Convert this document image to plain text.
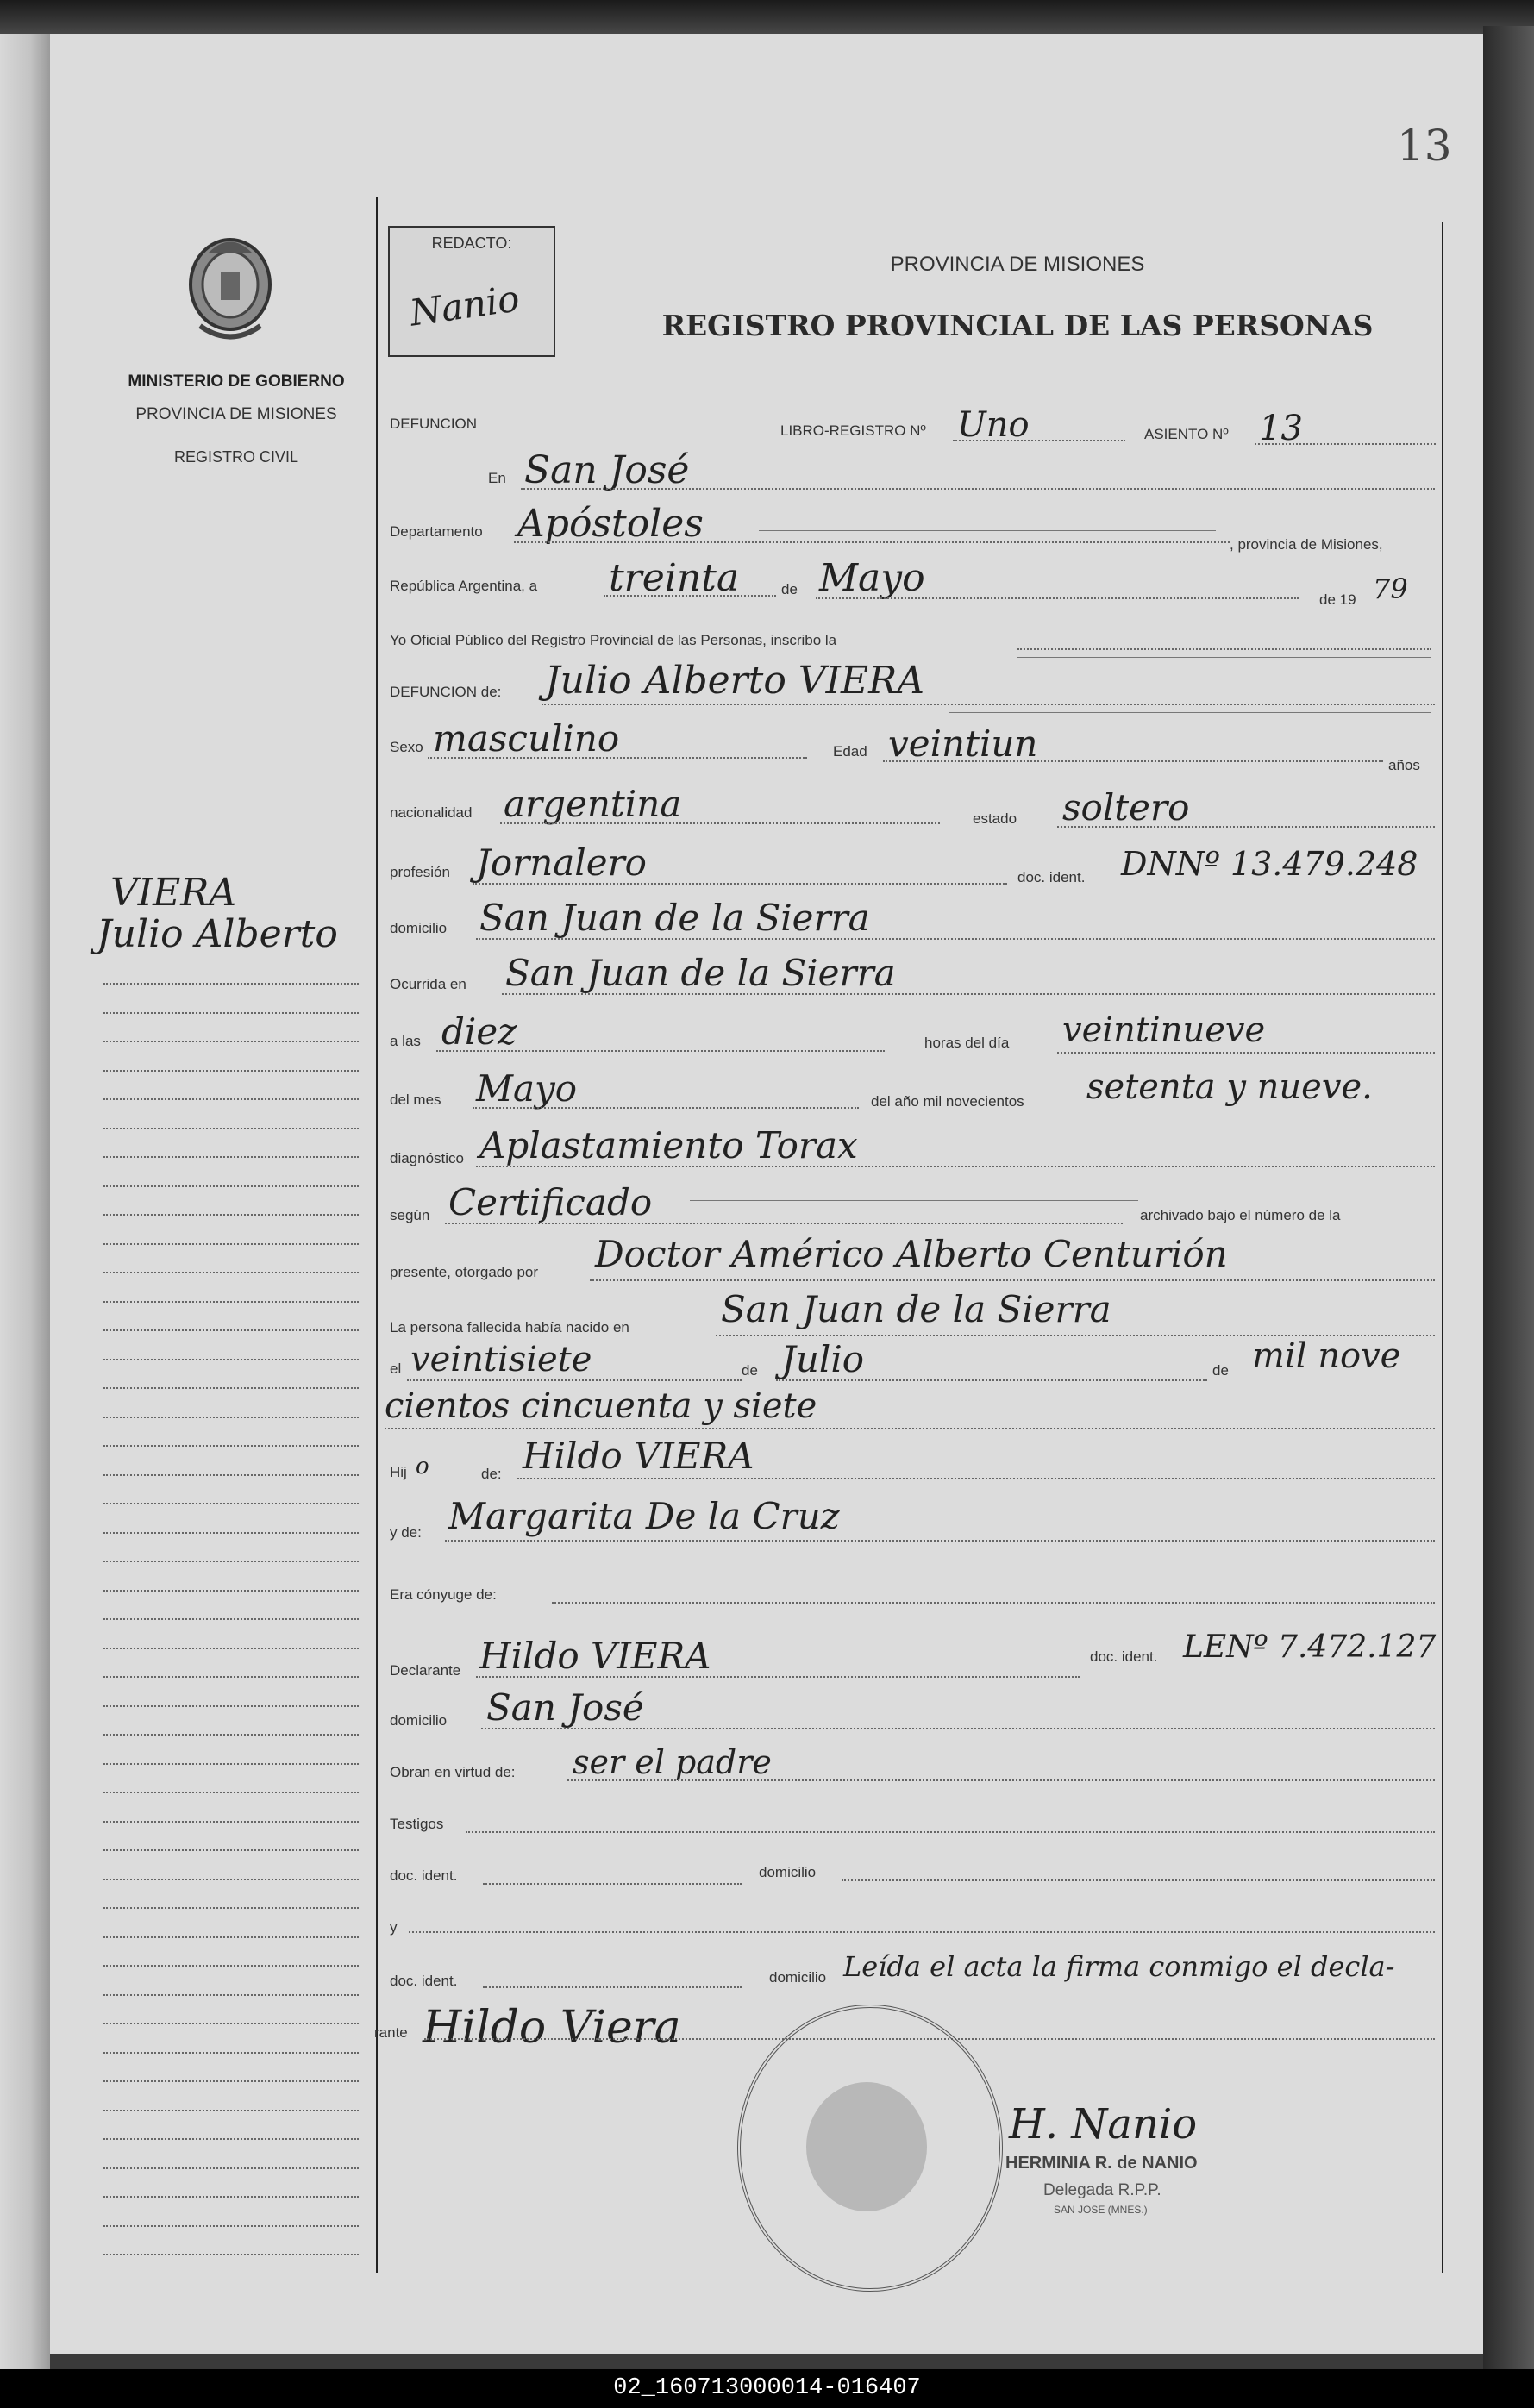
13
MINISTERIO DE GOBIERNO
PROVINCIA DE MISIONES
REGISTRO CIVIL
REDACTO:
Nanio
PROVINCIA DE MISIONES
REGISTRO PROVINCIAL DE LAS PERSONAS
VIERA
Julio Alberto
DEFUNCION	LIBRO-REGISTRO Nº Uno	ASIENTO Nº 13
En San José
Departamento Apóstoles	, provincia de Misiones,
República Argentina, a treinta	de Mayo	de 19 79
Yo Oficial Público del Registro Provincial de las Personas, inscribo la
DEFUNCION de: Julio Alberto VIERA
Sexo masculino	Edad veintiun
años
nacionalidad argentina	estado soltero
profesión Jornalero	doc. ident. DNNº 13.479.248
domicilio San Juan de la Sierra
Ocurrida en San Juan de la Sierra
a las diez	horas del día veintinueve
del mes Mayo	del año mil novecientos setenta y nueve.
diagnóstico Aplastamiento Torax
según Certificado	archivado bajo el número de la
presente, otorgado por Doctor Américo Alberto Centurión
La persona fallecida había nacido en	San Juan de la Sierra
el veintisiete	de Julio	de mil nove
cientos cincuenta y siete
Hij o	de: Hildo VIERA
y de: Margarita De la Cruz
Era cónyuge de:
Declarante Hildo VIERA	doc. ident. LENº 7.472.127
domicilio San José
Obran en virtud de: ser el padre
Testigos
doc. ident.	domicilio
y
doc. ident.	domicilio Leída el acta la firma conmigo el decla-
rante Hildo Viera
H. Nanio
HERMINIA R. de NANIO
Delegada R.P.P.
SAN JOSE (MNES.)
02_160713000014-016407
